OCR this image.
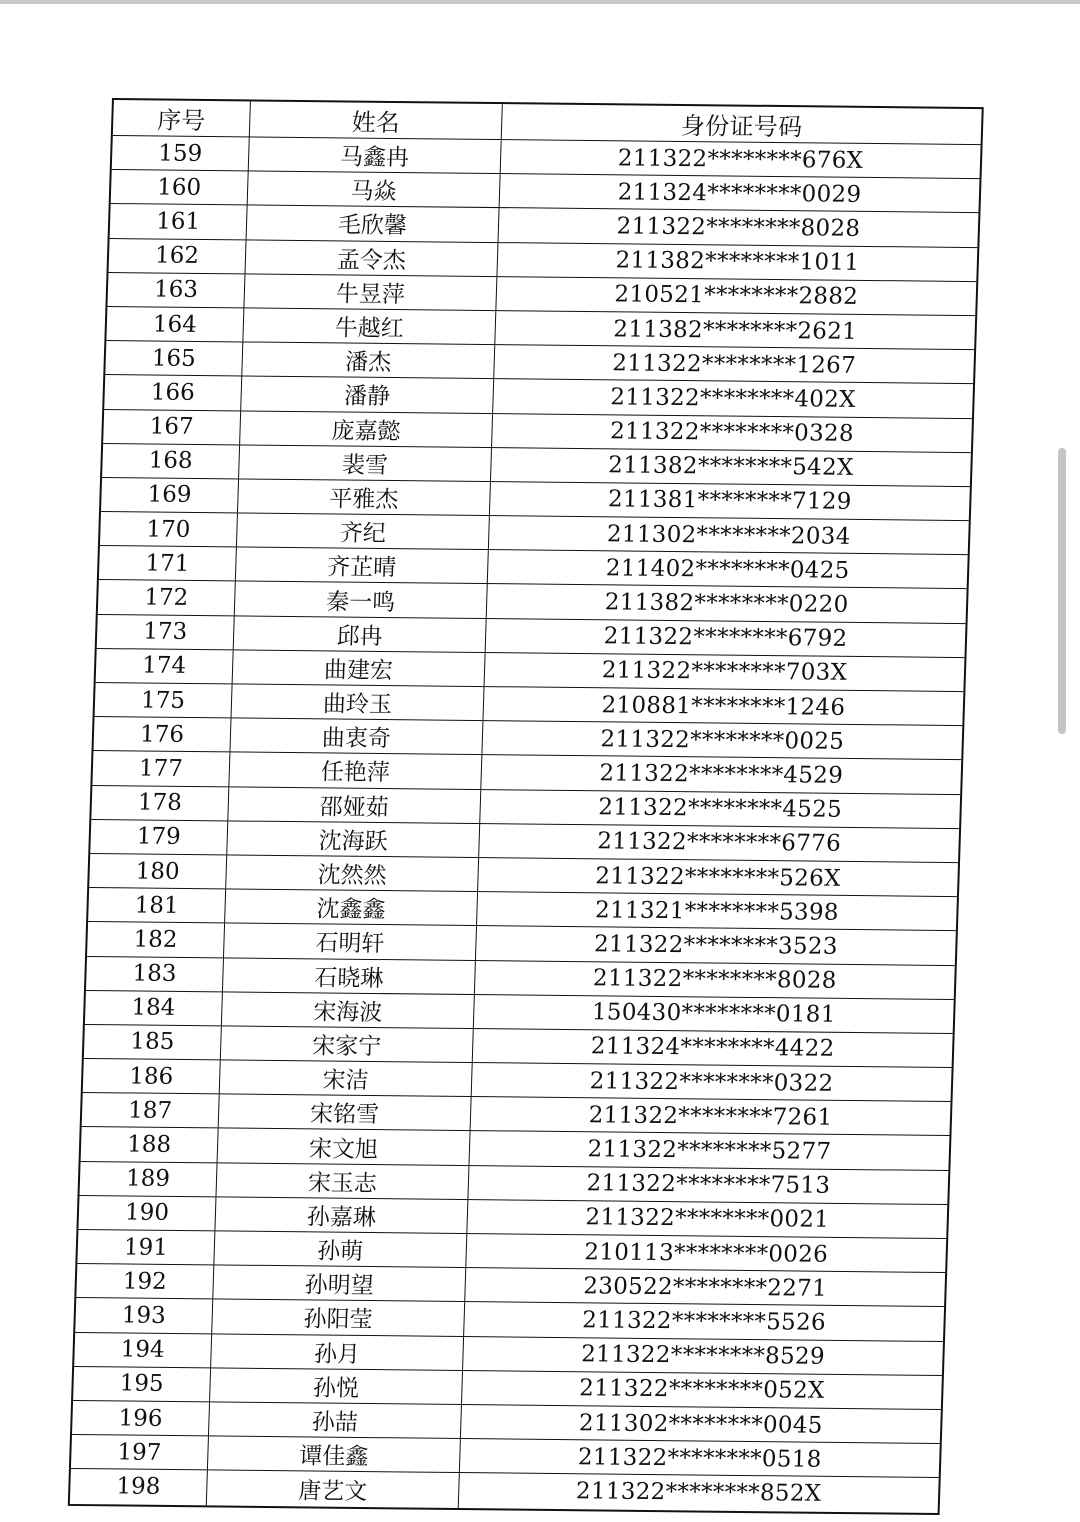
序号	姓名	身份证号码
159	马鑫冉	211322********676X
160	马焱	211324********0029
161	毛欣馨	211322********8028
162	孟令杰	211382********1011
163	牛昱萍	210521********2882
164	牛越红	211382********2621
165	潘杰	211322********1267
166	潘静	211322********402X
167	庞嘉懿	211322********0328
168	裴雪	211382********542X
169	平雅杰	211381********7129
170	齐纪	211302********2034
171	齐芷晴	211402********0425
172	秦一鸣	211382********0220
173	邱冉	211322********6792
174	曲建宏	211322********703X
175	曲玲玉	210881********1246
176	曲衷奇	211322********0025
177	任艳萍	211322********4529
178	邵娅茹	211322********4525
179	沈海跃	211322********6776
180	沈然然	211322********526X
181	沈鑫鑫	211321********5398
182	石明轩	211322********3523
183	石晓琳	211322********8028
184	宋海波	150430********0181
185	宋家宁	211324********4422
186	宋洁	211322********0322
187	宋铭雪	211322********7261
188	宋文旭	211322********5277
189	宋玉志	211322********7513
190	孙嘉琳	211322********0021
191	孙萌	210113********0026
192	孙明望	230522********2271
193	孙阳莹	211322********5526
194	孙月	211322********8529
195	孙悦	211322********052X
196	孙喆	211302********0045
197	谭佳鑫	211322********0518
198	唐艺文	211322********852X
